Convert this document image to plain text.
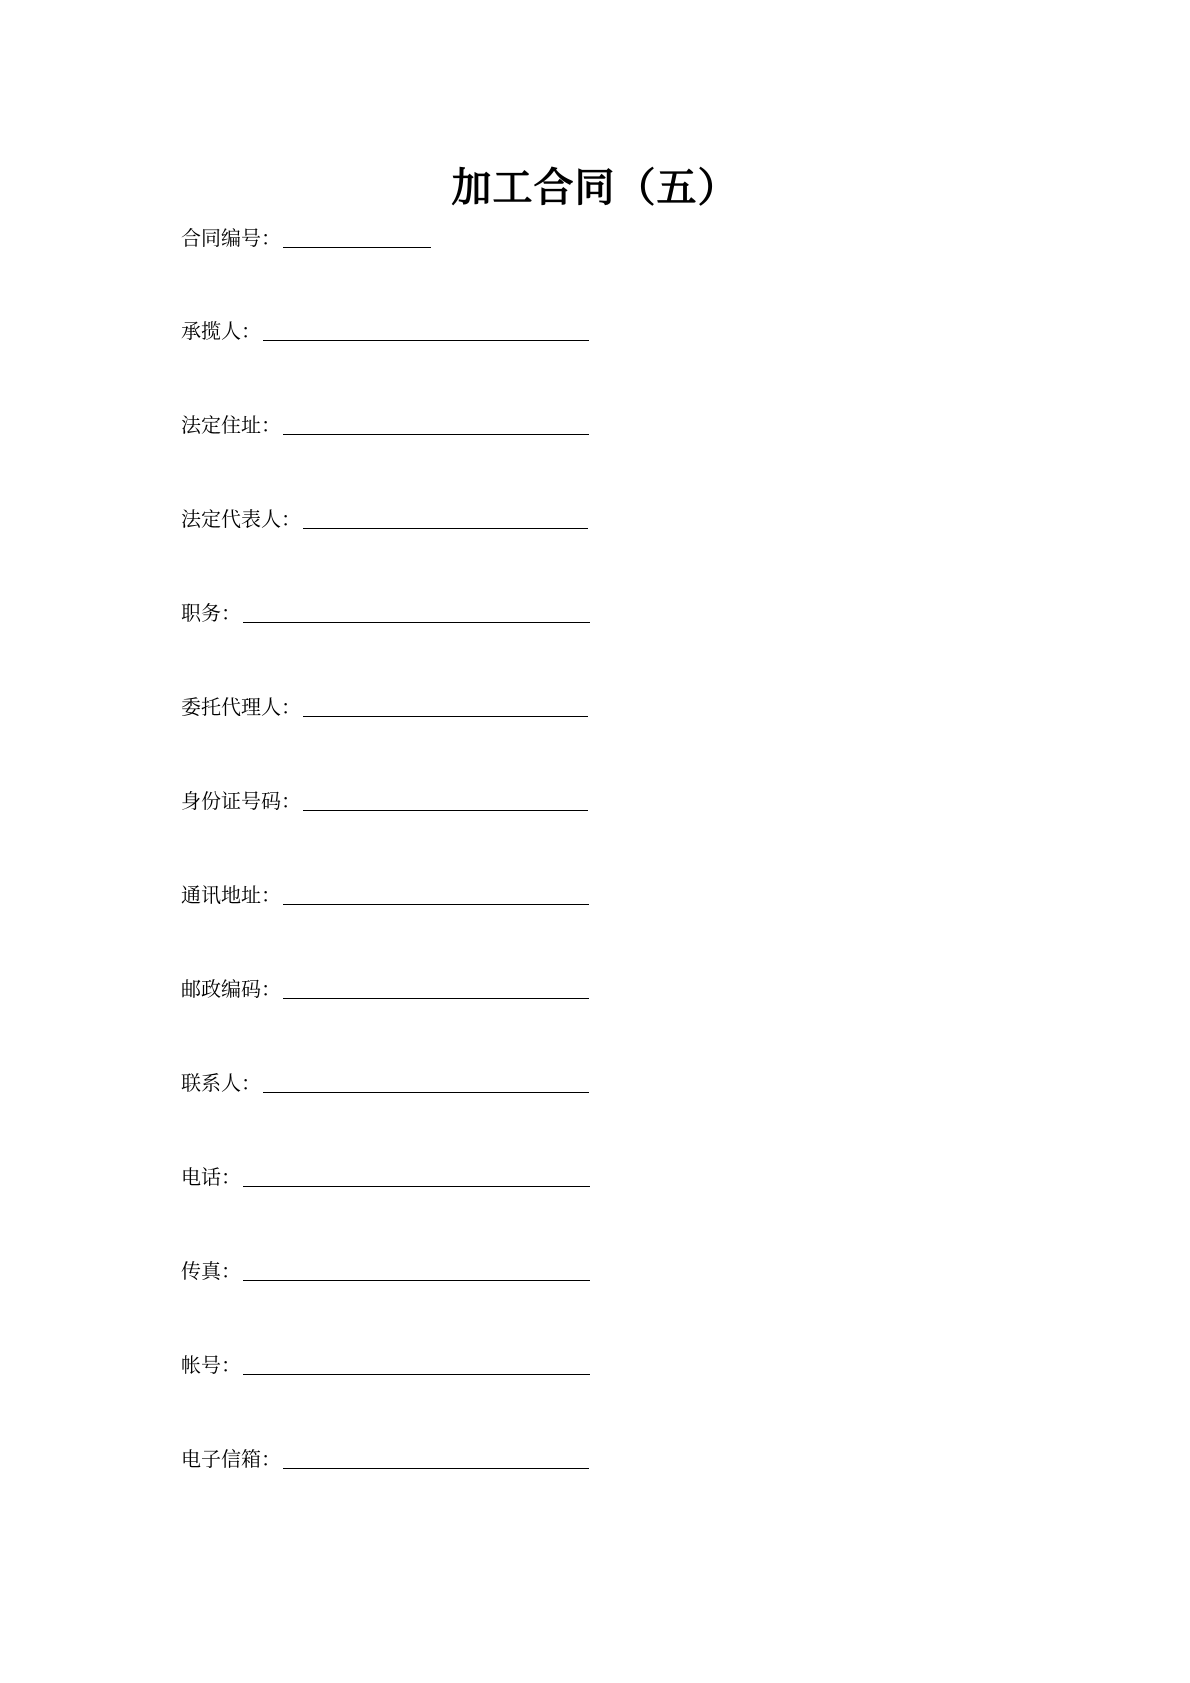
加工合同（五）
合同编号：
承揽人：
法定住址：
法定代表人：
职务：
委托代理人：
身份证号码：
通讯地址：
邮政编码：
联系人：
电话：
传真：
帐号：
电子信箱：
